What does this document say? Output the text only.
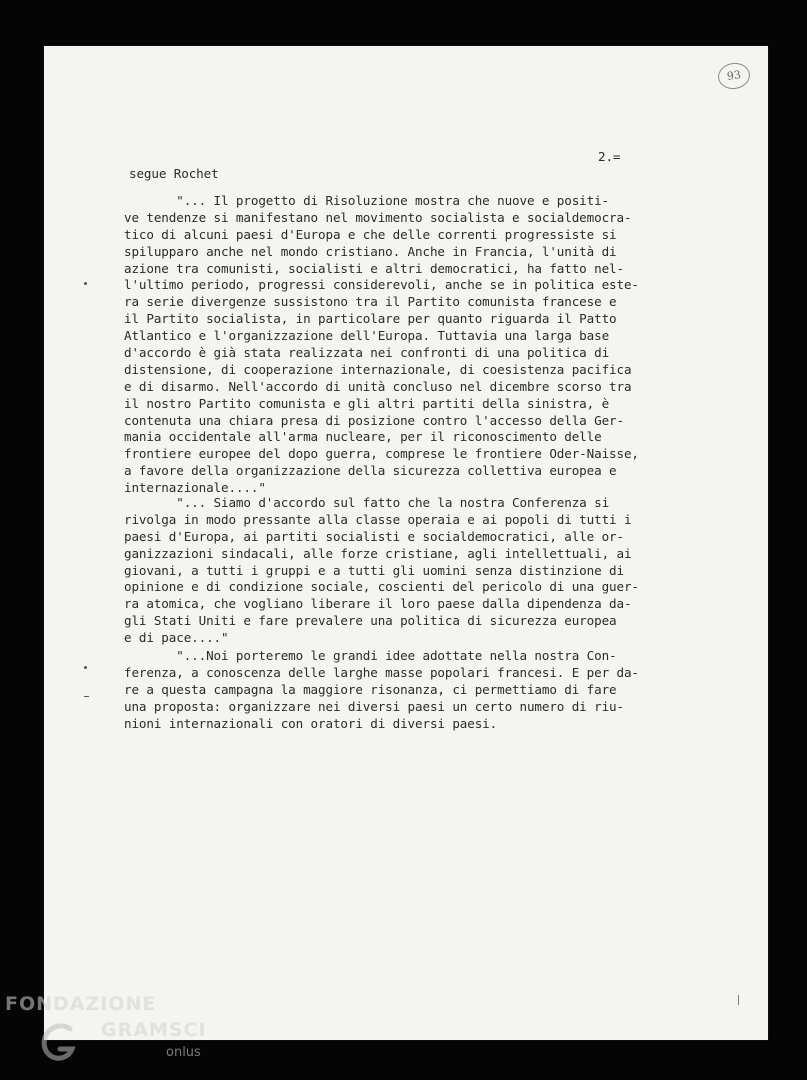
93
2.=
segue Rochet
"... Il progetto di Risoluzione mostra che nuove e positi-
ve tendenze si manifestano nel movimento socialista e socialdemocra-
tico di alcuni paesi d'Europa e che delle correnti progressiste si
spilupparo anche nel mondo cristiano. Anche in Francia, l'unità di
azione tra comunisti, socialisti e altri democratici, ha fatto nel-
l'ultimo periodo, progressi considerevoli, anche se in politica este-
ra serie divergenze sussistono tra il Partito comunista francese e
il Partito socialista, in particolare per quanto riguarda il Patto
Atlantico e l'organizzazione dell'Europa. Tuttavia una larga base
d'accordo è già stata realizzata nei confronti di una politica di
distensione, di cooperazione internazionale, di coesistenza pacifica
e di disarmo. Nell'accordo di unità concluso nel dicembre scorso tra
il nostro Partito comunista e gli altri partiti della sinistra, è
contenuta una chiara presa di posizione contro l'accesso della Ger-
mania occidentale all'arma nucleare, per il riconoscimento delle
frontiere europee del dopo guerra, comprese le frontiere Oder-Naisse,
a favore della organizzazione della sicurezza collettiva europea e
internazionale...."
"... Siamo d'accordo sul fatto che la nostra Conferenza si
rivolga in modo pressante alla classe operaia e ai popoli di tutti i
paesi d'Europa, ai partiti socialisti e socialdemocratici, alle or-
ganizzazioni sindacali, alle forze cristiane, agli intellettuali, ai
giovani, a tutti i gruppi e a tutti gli uomini senza distinzione di
opinione e di condizione sociale, coscienti del pericolo di una guer-
ra atomica, che vogliano liberare il loro paese dalla dipendenza da-
gli Stati Uniti e fare prevalere una politica di sicurezza europea
e di pace...."
"...Noi porteremo le grandi idee adottate nella nostra Con-
ferenza, a conoscenza delle larghe masse popolari francesi. E per da-
re a questa campagna la maggiore risonanza, ci permettiamo di fare
una proposta: organizzare nei diversi paesi un certo numero di riu-
nioni internazionali con oratori di diversi paesi.
FONDAZIONE
GRAMSCI
onlus
